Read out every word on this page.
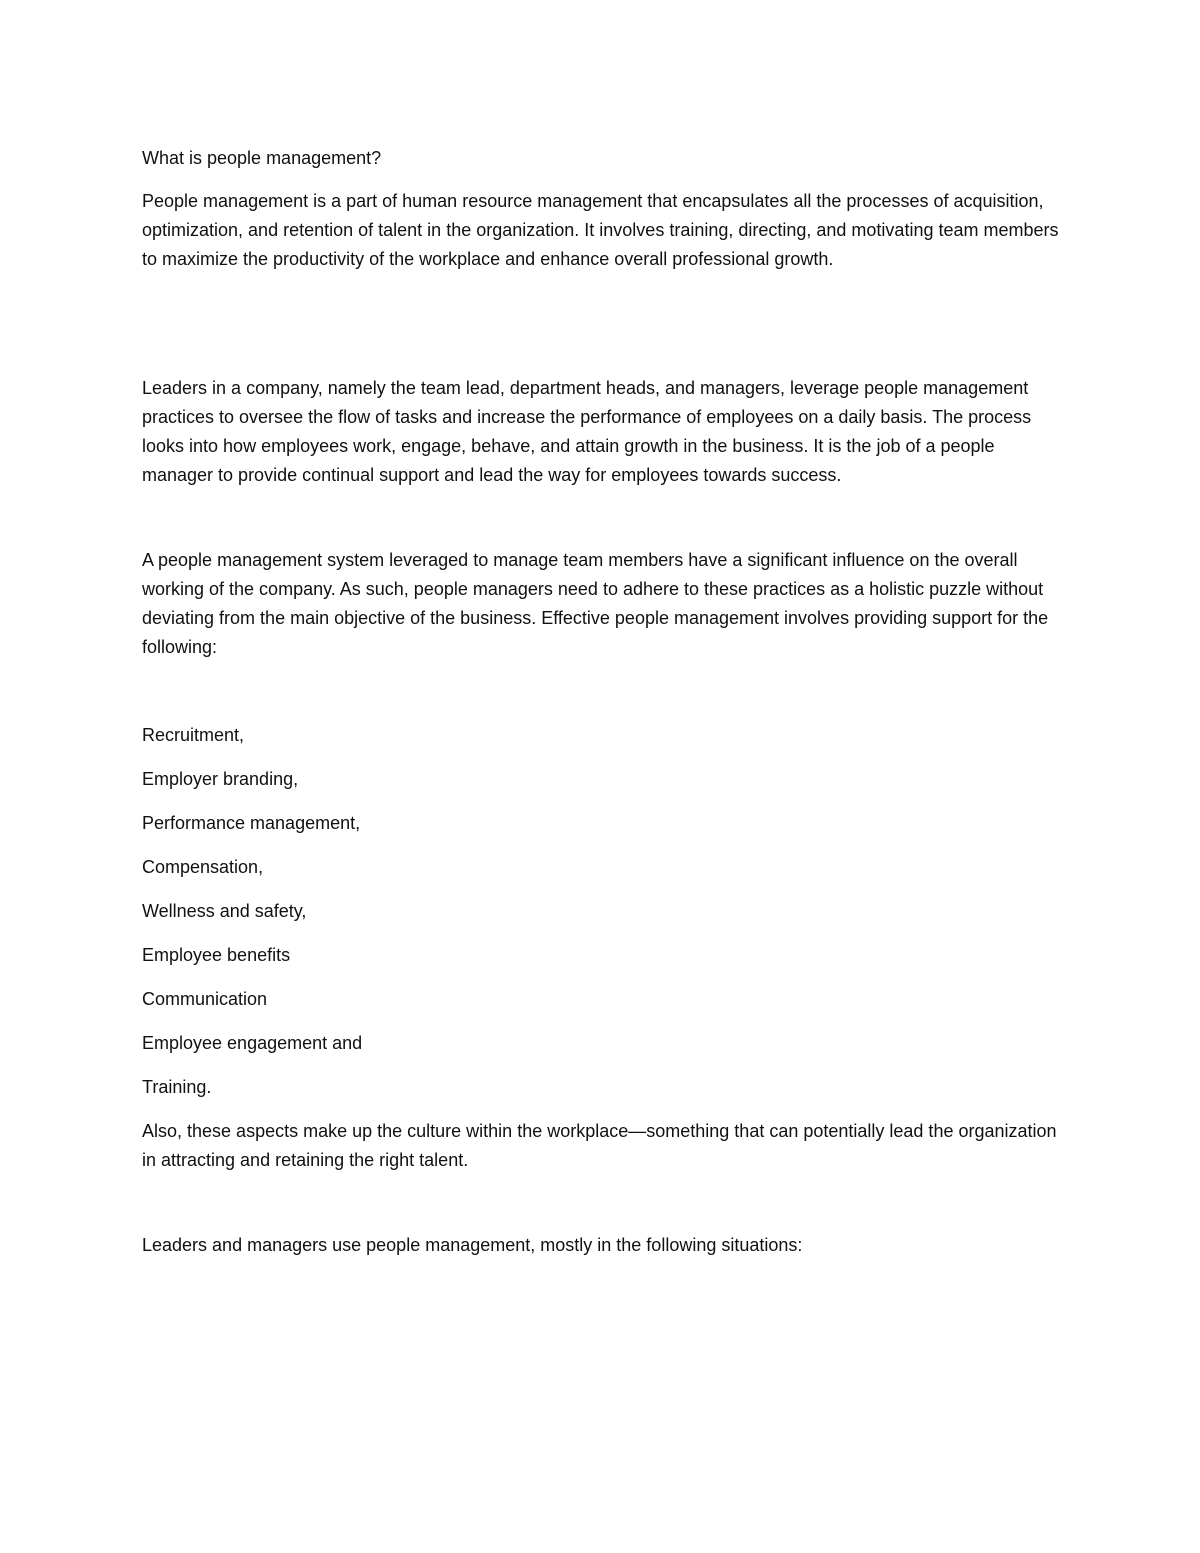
What is people management?

People management is a part of human resource management that encapsulates all the processes of acquisition, optimization, and retention of talent in the organization. It involves training, directing, and motivating team members to maximize the productivity of the workplace and enhance overall professional growth.

Leaders in a company, namely the team lead, department heads, and managers, leverage people management practices to oversee the flow of tasks and increase the performance of employees on a daily basis. The process looks into how employees work, engage, behave, and attain growth in the business. It is the job of a people manager to provide continual support and lead the way for employees towards success.

A people management system leveraged to manage team members have a significant influence on the overall working of the company. As such, people managers need to adhere to these practices as a holistic puzzle without deviating from the main objective of the business. Effective people management involves providing support for the following:

Recruitment,
Employer branding,
Performance management,
Compensation,
Wellness and safety,
Employee benefits
Communication
Employee engagement and
Training.

Also, these aspects make up the culture within the workplace—something that can potentially lead the organization in attracting and retaining the right talent.

Leaders and managers use people management, mostly in the following situations:
